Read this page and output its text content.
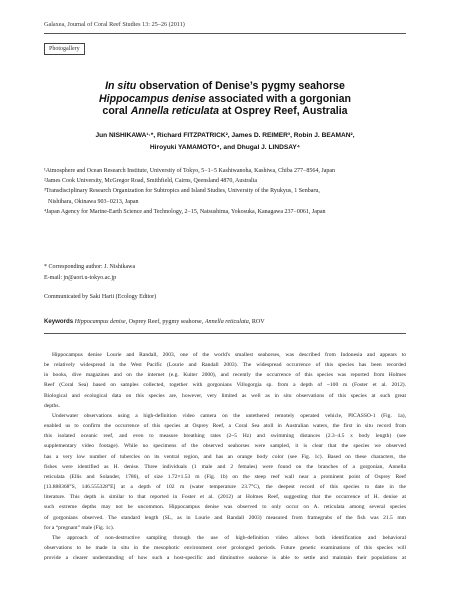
Galaxea, Journal of Coral Reef Studies 13: 25–26 (2011)
Photogallery
In situ observation of Denise’s pygmy seahorse
Hippocampus denise associated with a gorgonian
coral Annella reticulata at Osprey Reef, Australia
Jun NISHIKAWA¹·*, Richard FITZPATRICK², James D. REIMER³, Robin J. BEAMAN²,
Hiroyuki YAMAMOTO⁴, and Dhugal J. LINDSAY⁴
¹Atmosphere and Ocean Research Institute, University of Tokyo, 5−1−5 Kashiwanoha, Kashiwa, Chiba 277−8564, Japan
²James Cook University, McGregor Road, Smithfield, Cairns, Qeensland 4870, Australia
³Transdisciplinary Research Organization for Subtropics and Island Studies, University of the Ryukyus, 1 Senbaru,
Nishihara, Okinawa 903−0213, Japan
⁴Japan Agency for Marine-Earth Science and Technology, 2−15, Natsushima, Yokosuka, Kanagawa 237−0061, Japan
* Corresponding author: J. Nishikawa
E-mail: jn@aori.u-tokyo.ac.jp
Communicated by Saki Harii (Ecology Editor)
Keywords Hippocampus denise, Osprey Reef, pygmy seahorse, Annella reticulata, ROV

Hippocampus denise Lourie and Randall, 2003, one of the world's smallest seahorses, was described from Indonesia and appears to
be relatively widespread in the West Pacific (Lourie and Randall 2003). The widespread occurrence of this species has been recorded
in books, dive magazines and on the internet (e.g. Kuiter 2000), and recently the occurrence of this species was reported from Holmes
Reef (Coral Sea) based on samples collected, together with gorgonians Villogorgia sp. from a depth of ~100 m (Foster et al. 2012).
Biological and ecological data on this species are, however, very limited as well as in situ observations of this species at such great
depths.

Underwater observations using a high-definition video camera on the untethered remotely operated vehicle, PICASSO-1 (Fig. 1a),
enabled us to confirm the occurrence of this species at Osprey Reef, a Coral Sea atoll in Australian waters, the first in situ record from
this isolated oceanic reef, and even to measure breathing rates (2~5 Hz) and swimming distances (2.3–4.5 x body length) (see
supplementary video footage). While no specimens of the observed seahorses were sampled, it is clear that the species we observed
has a very low number of tubercles on its ventral region, and has an orange body color (see Fig. 1c). Based on these characters, the
fishes were identified as H. denise. Three individuals (1 male and 2 females) were found on the branches of a gorgonian, Annella
reticulata (Ellis and Solander, 1786), of size 1.72×1.53 m (Fig. 1b) on the steep reef wall near a prominent point of Osprey Reef
[13.888368°S, 146.555328°E] at a depth of 102 m (water temperature 23.7°C), the deepest record of this species to date in the
literature. This depth is similar to that reported in Foster et al. (2012) at Holmes Reef, suggesting that the occurrence of H. denise at
such extreme depths may not be uncommon. Hippocampus denise was observed to only occur on A. reticulata among several species
of gorgonians observed. The standard length (SL, as in Lourie and Randall 2003) measured from framegrabs of the fish was 21.5 mm
for a “pregnant” male (Fig. 1c).

The approach of non-destructive sampling through the use of high-definition video allows both identification and behavioral
observations to be made in situ in the mesophotic environment over prolonged periods. Future genetic examinations of this species will
provide a clearer understanding of how such a host-specific and diminutive seahorse is able to settle and maintain their populations at
